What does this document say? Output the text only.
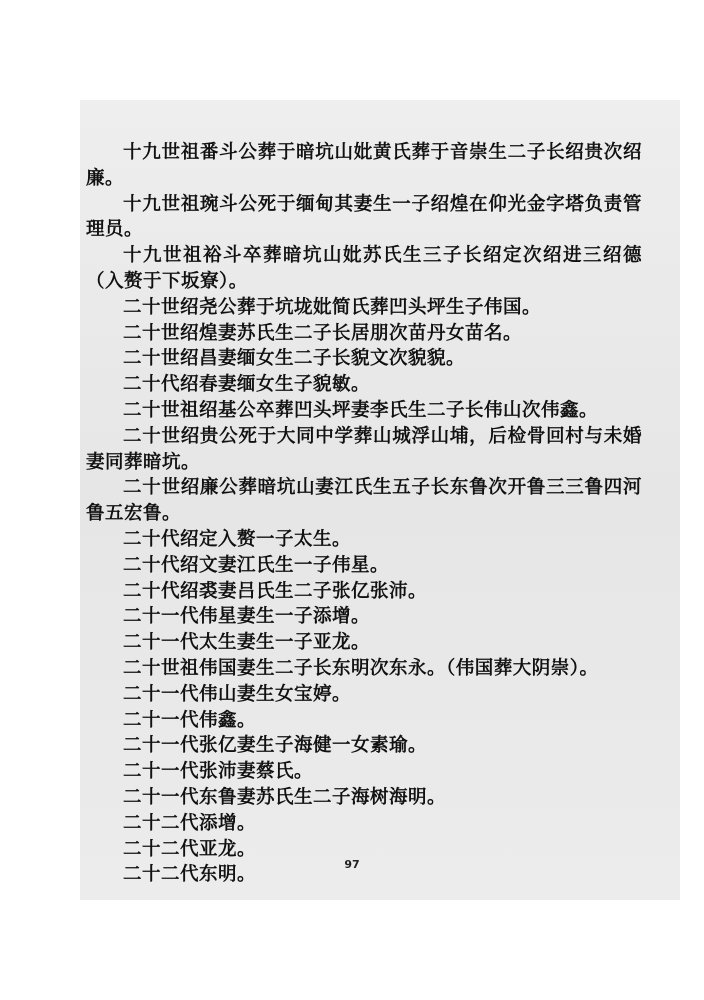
十九世祖番斗公葬于暗坑山妣黄氏葬于音崇生二子长绍贵次绍廉。

十九世祖琬斗公死于缅甸其妻生一子绍煌在仰光金字塔负责管理员。

十九世祖裕斗卒葬暗坑山妣苏氏生三子长绍定次绍进三绍德（入赘于下坂寮）。

二十世绍尧公葬于坑垅妣简氏葬凹头坪生子伟国。

二十世绍煌妻苏氏生二子长居朋次苗丹女苗名。

二十世绍昌妻缅女生二子长貌文次貌貌。

二十代绍春妻缅女生子貌敏。

二十世祖绍基公卒葬凹头坪妻李氏生二子长伟山次伟鑫。

二十世绍贵公死于大同中学葬山城浮山埔，后检骨回村与未婚妻同葬暗坑。

二十世绍廉公葬暗坑山妻江氏生五子长东鲁次开鲁三三鲁四河鲁五宏鲁。

二十代绍定入赘一子太生。

二十代绍文妻江氏生一子伟星。

二十代绍裘妻吕氏生二子张亿张沛。

二十一代伟星妻生一子添增。

二十一代太生妻生一子亚龙。

二十世祖伟国妻生二子长东明次东永。（伟国葬大阴崇）。

二十一代伟山妻生女宝婷。

二十一代伟鑫。

二十一代张亿妻生子海健一女素瑜。

二十一代张沛妻蔡氏。

二十一代东鲁妻苏氏生二子海树海明。

二十二代添增。

二十二代亚龙。

二十二代东明。	97
